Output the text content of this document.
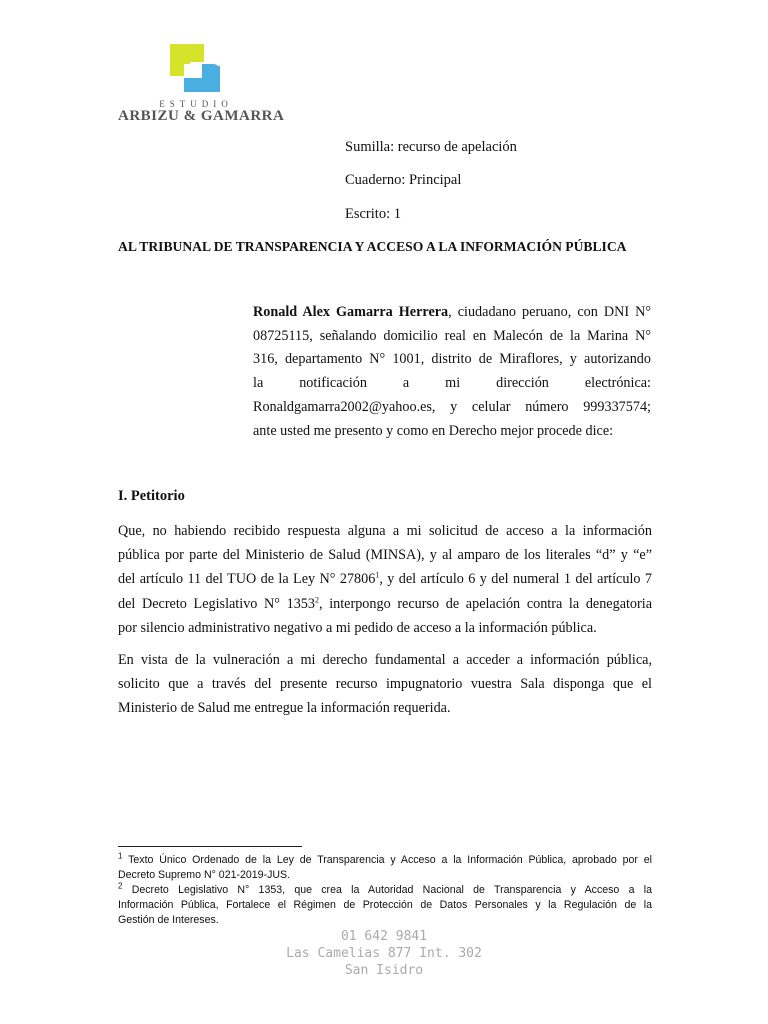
ESTUDIO
ARBIZU & GAMARRA
Sumilla: recurso de apelación
Cuaderno: Principal
Escrito: 1
AL TRIBUNAL DE TRANSPARENCIA Y ACCESO A LA INFORMACIÓN PÚBLICA
Ronald Alex Gamarra Herrera, ciudadano peruano, con DNI N°
08725115, señalando domicilio real en Malecón de la Marina N°
316, departamento N° 1001, distrito de Miraflores, y autorizando
la notificación a mi dirección electrónica:
Ronaldgamarra2002@yahoo.es, y celular número 999337574;
ante usted me presento y como en Derecho mejor procede dice:
I. Petitorio
Que, no habiendo recibido respuesta alguna a mi solicitud de acceso a la información
pública por parte del Ministerio de Salud (MINSA), y al amparo de los literales “d” y “e”
del artículo 11 del TUO de la Ley N° 27806$^1$, y del artículo 6 y del numeral 1 del artículo 7
del Decreto Legislativo N° 1353$^2$, interpongo recurso de apelación contra la denegatoria
por silencio administrativo negativo a mi pedido de acceso a la información pública.
En vista de la vulneración a mi derecho fundamental a acceder a información pública,
solicito que a través del presente recurso impugnatorio vuestra Sala disponga que el
Ministerio de Salud me entregue la información requerida.
$^1$ Texto Único Ordenado de la Ley de Transparencia y Acceso a la Información Pública, aprobado por el
Decreto Supremo N° 021-2019-JUS.
$^2$ Decreto Legislativo N° 1353, que crea la Autoridad Nacional de Transparencia y Acceso a la
Información Pública, Fortalece el Régimen de Protección de Datos Personales y la Regulación de la
Gestión de Intereses.
01 642 9841
Las Camelias 877 Int. 302
San Isidro
